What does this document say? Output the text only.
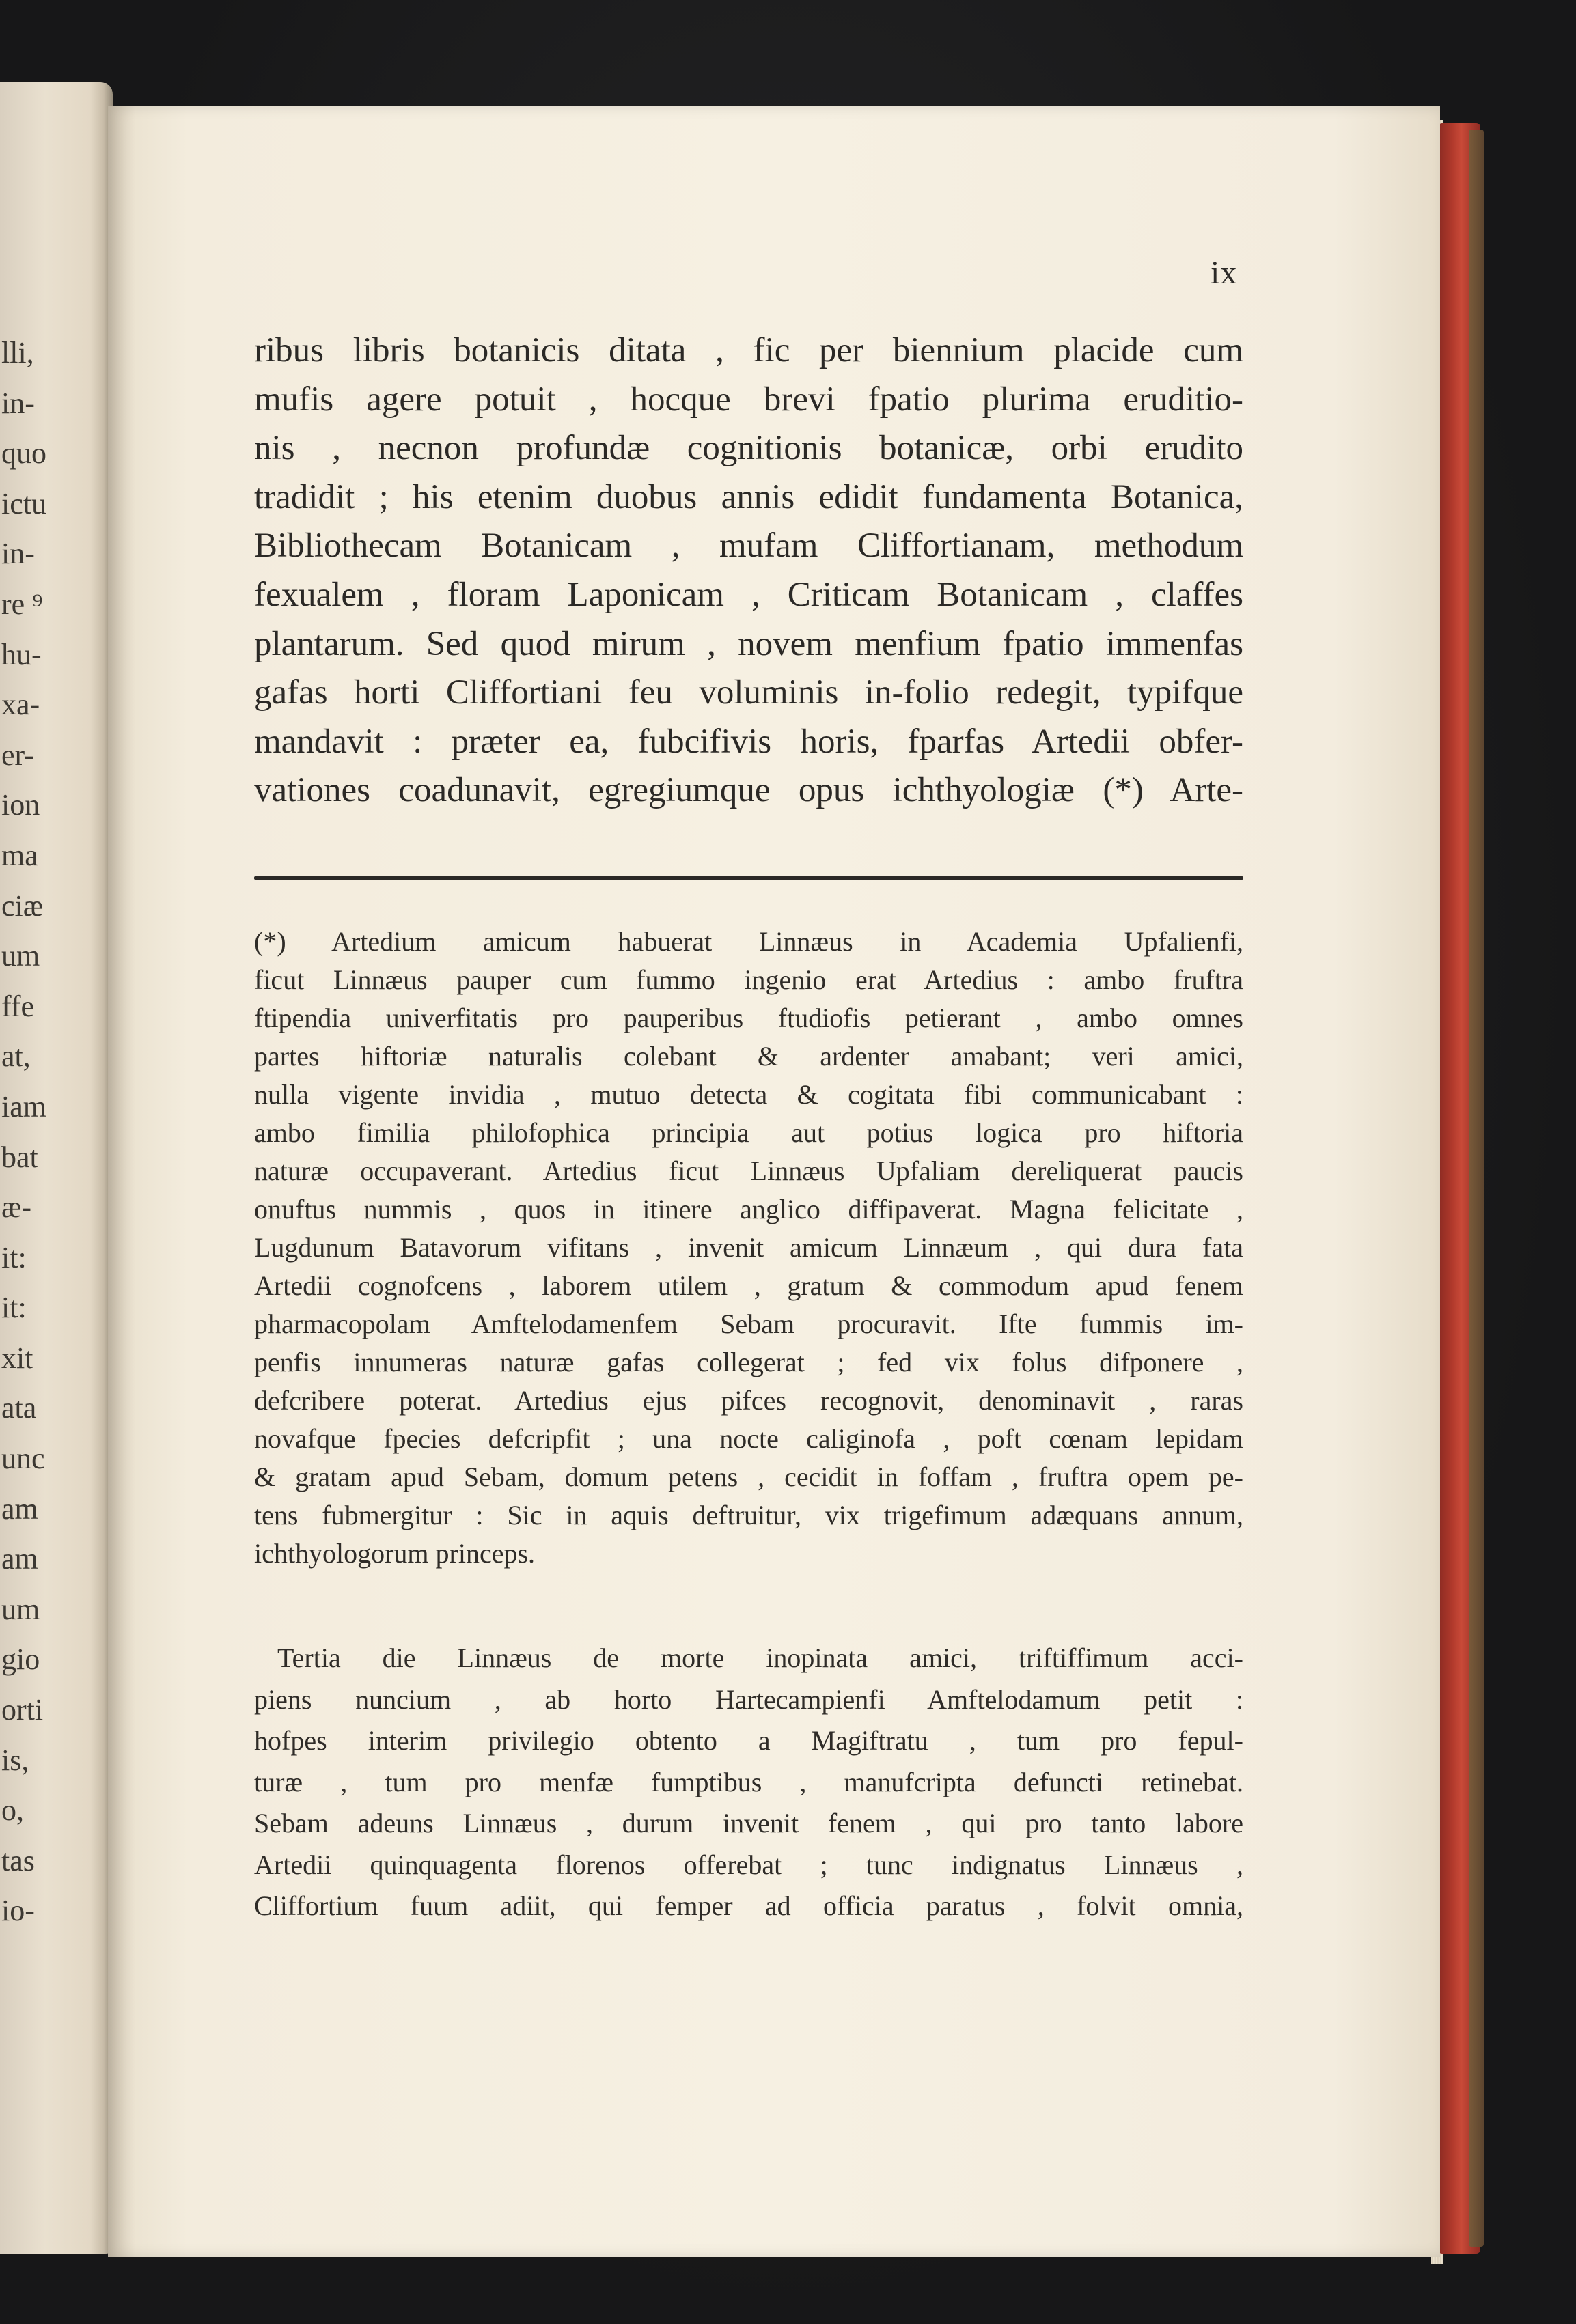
lli,
in-
quo
ictu
in-
re ⁹
hu-
xa-
er-
ion
ma
ciæ
um
ffe
at,
iam
bat
æ-
it:
it:
xit
ata
unc
am
am
um
gio
orti
is,
o,
tas
io-
ix
ribus libris botanicis ditata , fic per biennium placide cum
mufis agere potuit , hocque brevi fpatio plurima eruditio-
nis , necnon profundæ cognitionis botanicæ, orbi erudito
tradidit ; his etenim duobus annis edidit fundamenta Botanica,
Bibliothecam Botanicam , mufam Cliffortianam, methodum
fexualem , floram Laponicam , Criticam Botanicam , claffes
plantarum. Sed quod mirum , novem menfium fpatio immenfas
gafas horti Cliffortiani feu voluminis in-folio redegit, typifque
mandavit : præter ea, fubcifivis horis, fparfas Artedii obfer-
vationes coadunavit, egregiumque opus ichthyologiæ (*) Arte-
(*) Artedium amicum habuerat Linnæus in Academia Upfalienfi,
ficut Linnæus pauper cum fummo ingenio erat Artedius : ambo fruftra
ftipendia univerfitatis pro pauperibus ftudiofis petierant , ambo omnes
partes hiftoriæ naturalis colebant & ardenter amabant; veri amici,
nulla vigente invidia , mutuo detecta & cogitata fibi communicabant :
ambo fimilia philofophica principia aut potius logica pro hiftoria
naturæ occupaverant. Artedius ficut Linnæus Upfaliam dereliquerat paucis
onuftus nummis , quos in itinere anglico diffipaverat. Magna felicitate ,
Lugdunum Batavorum vifitans , invenit amicum Linnæum , qui dura fata
Artedii cognofcens , laborem utilem , gratum & commodum apud fenem
pharmacopolam Amftelodamenfem Sebam procuravit. Ifte fummis im-
penfis innumeras naturæ gafas collegerat ; fed vix folus difponere ,
defcribere poterat. Artedius ejus pifces recognovit, denominavit , raras
novafque fpecies defcripfit ; una nocte caliginofa , poft cœnam lepidam
& gratam apud Sebam, domum petens , cecidit in foffam , fruftra opem pe-
tens fubmergitur : Sic in aquis deftruitur, vix trigefimum adæquans annum,
ichthyologorum princeps.
Tertia die Linnæus de morte inopinata amici, triftiffimum acci-
piens nuncium , ab horto Hartecampienfi Amftelodamum petit :
hofpes interim privilegio obtento a Magiftratu , tum pro fepul-
turæ , tum pro menfæ fumptibus , manufcripta defuncti retinebat.
Sebam adeuns Linnæus , durum invenit fenem , qui pro tanto labore
Artedii quinquagenta florenos offerebat ; tunc indignatus Linnæus ,
Cliffortium fuum adiit, qui femper ad officia paratus , folvit omnia,
